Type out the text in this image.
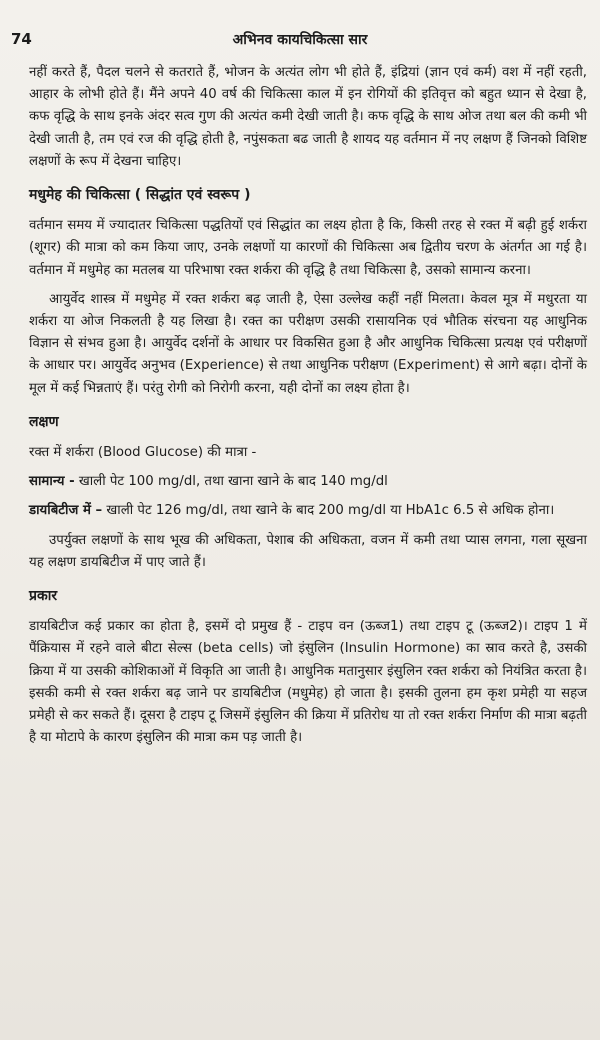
74	अभिनव कायचिकित्सा सार

नहीं करते हैं, पैदल चलने से कतराते हैं, भोजन के अत्यंत लोग भी होते हैं, इंद्रियां (ज्ञान एवं कर्म) वश में नहीं रहती, आहार के लोभी होते हैं। मैंने अपने 40 वर्ष की चिकित्सा काल में इन रोगियों की इतिवृत्त को बहुत ध्यान से देखा है, कफ वृद्धि के साथ इनके अंदर सत्व गुण की अत्यंत कमी देखी जाती है। कफ वृद्धि के साथ ओज तथा बल की कमी भी देखी जाती है, तम एवं रज की वृद्धि होती है, नपुंसकता बढ जाती है शायद यह वर्तमान में नए लक्षण हैं जिनको विशिष्ट लक्षणों के रूप में देखना चाहिए।

मधुमेह की चिकित्सा ( सिद्धांत एवं स्वरूप )

वर्तमान समय में ज्यादातर चिकित्सा पद्धतियों एवं सिद्धांत का लक्ष्य होता है कि, किसी तरह से रक्त में बढ़ी हुई शर्करा (शूगर) की मात्रा को कम किया जाए, उनके लक्षणों या कारणों की चिकित्सा अब द्वितीय चरण के अंतर्गत आ गई है। वर्तमान में मधुमेह का मतलब या परिभाषा रक्त शर्करा की वृद्धि है तथा चिकित्सा है, उसको सामान्य करना।

आयुर्वेद शास्त्र में मधुमेह में रक्त शर्करा बढ़ जाती है, ऐसा उल्लेख कहीं नहीं मिलता। केवल मूत्र में मधुरता या शर्करा या ओज निकलती है यह लिखा है। रक्त का परीक्षण उसकी रासायनिक एवं भौतिक संरचना यह आधुनिक विज्ञान से संभव हुआ है। आयुर्वेद दर्शनों के आधार पर विकसित हुआ है और आधुनिक चिकित्सा प्रत्यक्ष एवं परीक्षणों के आधार पर। आयुर्वेद अनुभव (Experience) से तथा आधुनिक परीक्षण (Experiment) से आगे बढ़ा। दोनों के मूल में कई भिन्नताएं हैं। परंतु रोगी को निरोगी करना, यही दोनों का लक्ष्य होता है।

लक्षण

रक्त में शर्करा (Blood Glucose) की मात्रा -

सामान्य - खाली पेट 100 mg/dl, तथा खाना खाने के बाद 140 mg/dl

डायबिटीज में – खाली पेट 126 mg/dl, तथा खाने के बाद 200 mg/dl या HbA1c 6.5 से अधिक होना।

उपर्युक्त लक्षणों के साथ भूख की अधिकता, पेशाब की अधिकता, वजन में कमी तथा प्यास लगना, गला सूखना यह लक्षण डायबिटीज में पाए जाते हैं।

प्रकार

डायबिटीज कई प्रकार का होता है, इसमें दो प्रमुख हैं - टाइप वन (ऊब्ज1) तथा टाइप टू (ऊब्ज2)। टाइप 1 में पैंक्रियास में रहने वाले बीटा सेल्स (beta cells) जो इंसुलिन (Insulin Hormone) का स्राव करते है, उसकी क्रिया में या उसकी कोशिकाओं में विकृति आ जाती है। आधुनिक मतानुसार इंसुलिन रक्त शर्करा को नियंत्रित करता है। इसकी कमी से रक्त शर्करा बढ़ जाने पर डायबिटीज (मधुमेह) हो जाता है। इसकी तुलना हम कृश प्रमेही या सहज प्रमेही से कर सकते हैं। दूसरा है टाइप टू जिसमें इंसुलिन की क्रिया में प्रतिरोध या तो रक्त शर्करा निर्माण की मात्रा बढ़ती है या मोटापे के कारण इंसुलिन की मात्रा कम पड़ जाती है।
